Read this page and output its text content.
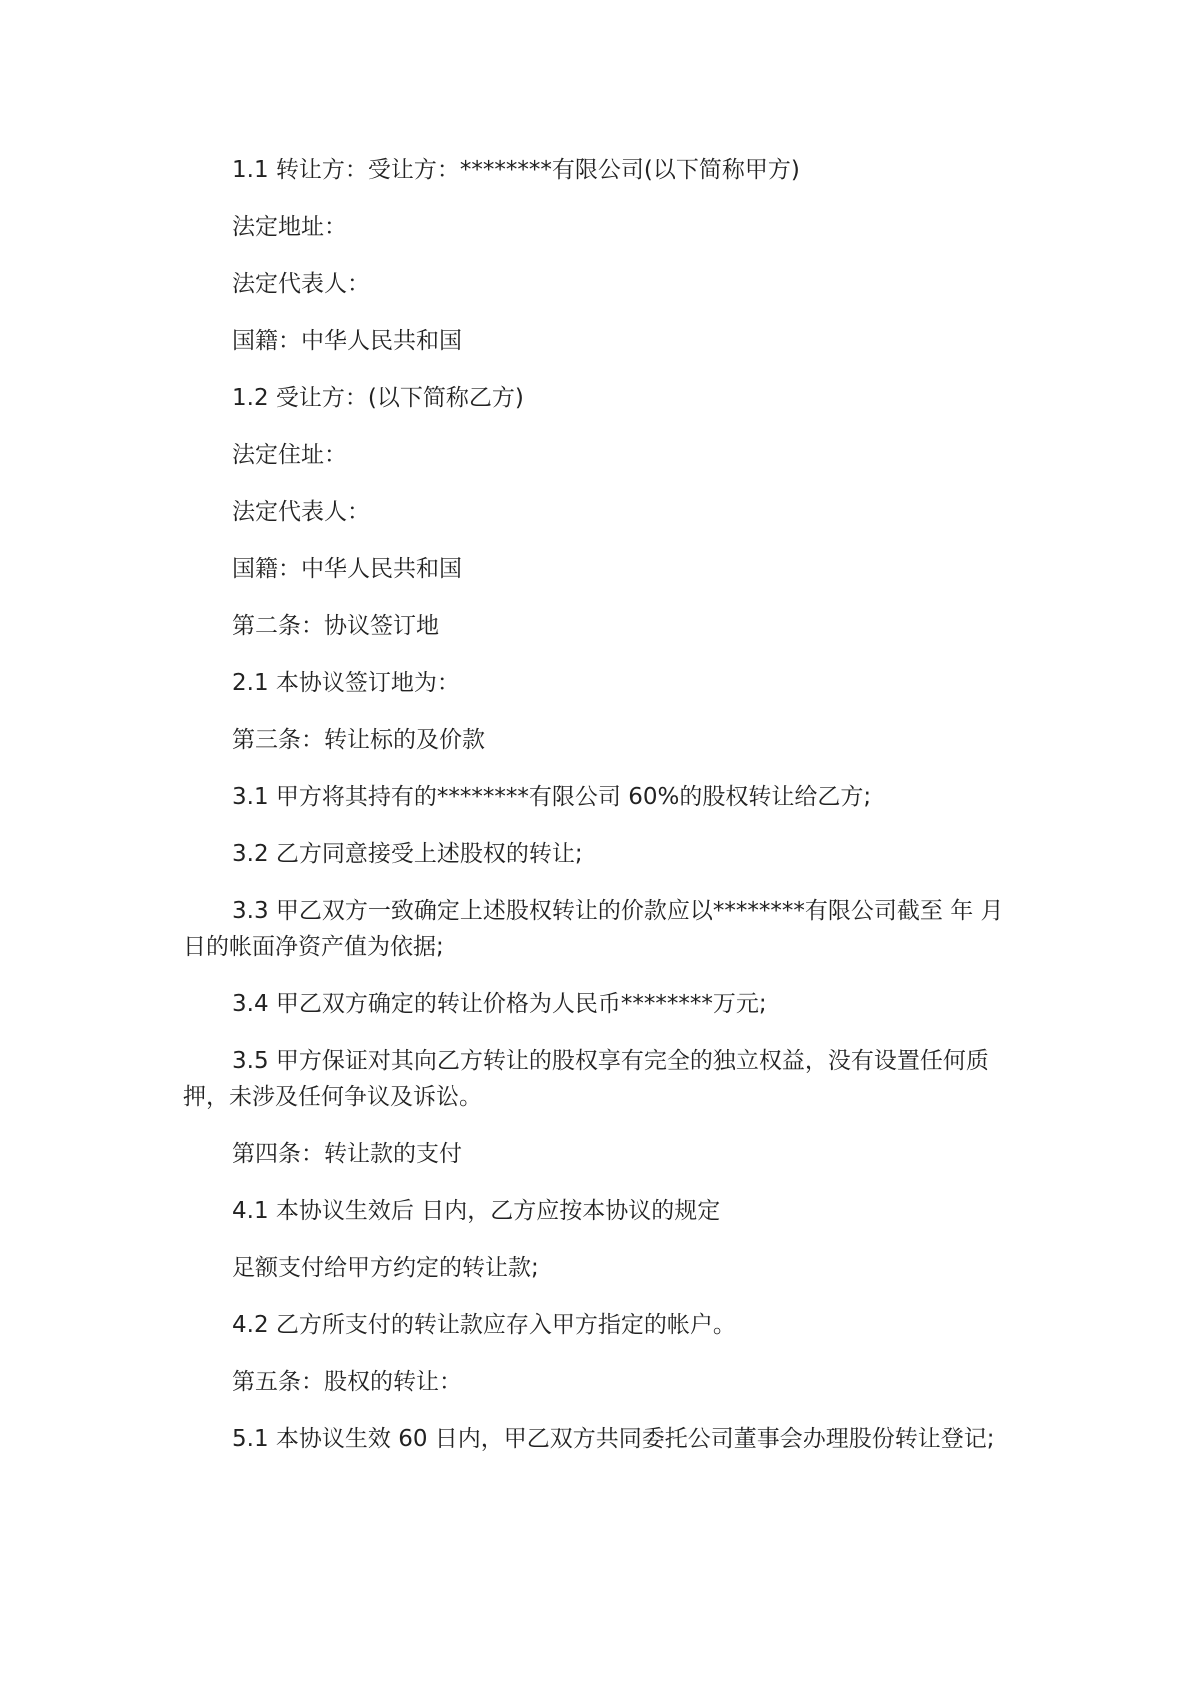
1.1 转让方：受让方：********有限公司(以下简称甲方)

法定地址：

法定代表人：

国籍：中华人民共和国

1.2 受让方：(以下简称乙方)

法定住址：

法定代表人：

国籍：中华人民共和国

第二条：协议签订地

2.1 本协议签订地为：

第三条：转让标的及价款

3.1 甲方将其持有的********有限公司 60%的股权转让给乙方;

3.2 乙方同意接受上述股权的转让;

3.3 甲乙双方一致确定上述股权转让的价款应以********有限公司截至 年 月 日的帐面净资产值为依据;

3.4 甲乙双方确定的转让价格为人民币********万元;

3.5 甲方保证对其向乙方转让的股权享有完全的独立权益，没有设置任何质押，未涉及任何争议及诉讼。

第四条：转让款的支付

4.1 本协议生效后 日内，乙方应按本协议的规定

足额支付给甲方约定的转让款;

4.2 乙方所支付的转让款应存入甲方指定的帐户。

第五条：股权的转让：

5.1 本协议生效 60 日内，甲乙双方共同委托公司董事会办理股份转让登记;
